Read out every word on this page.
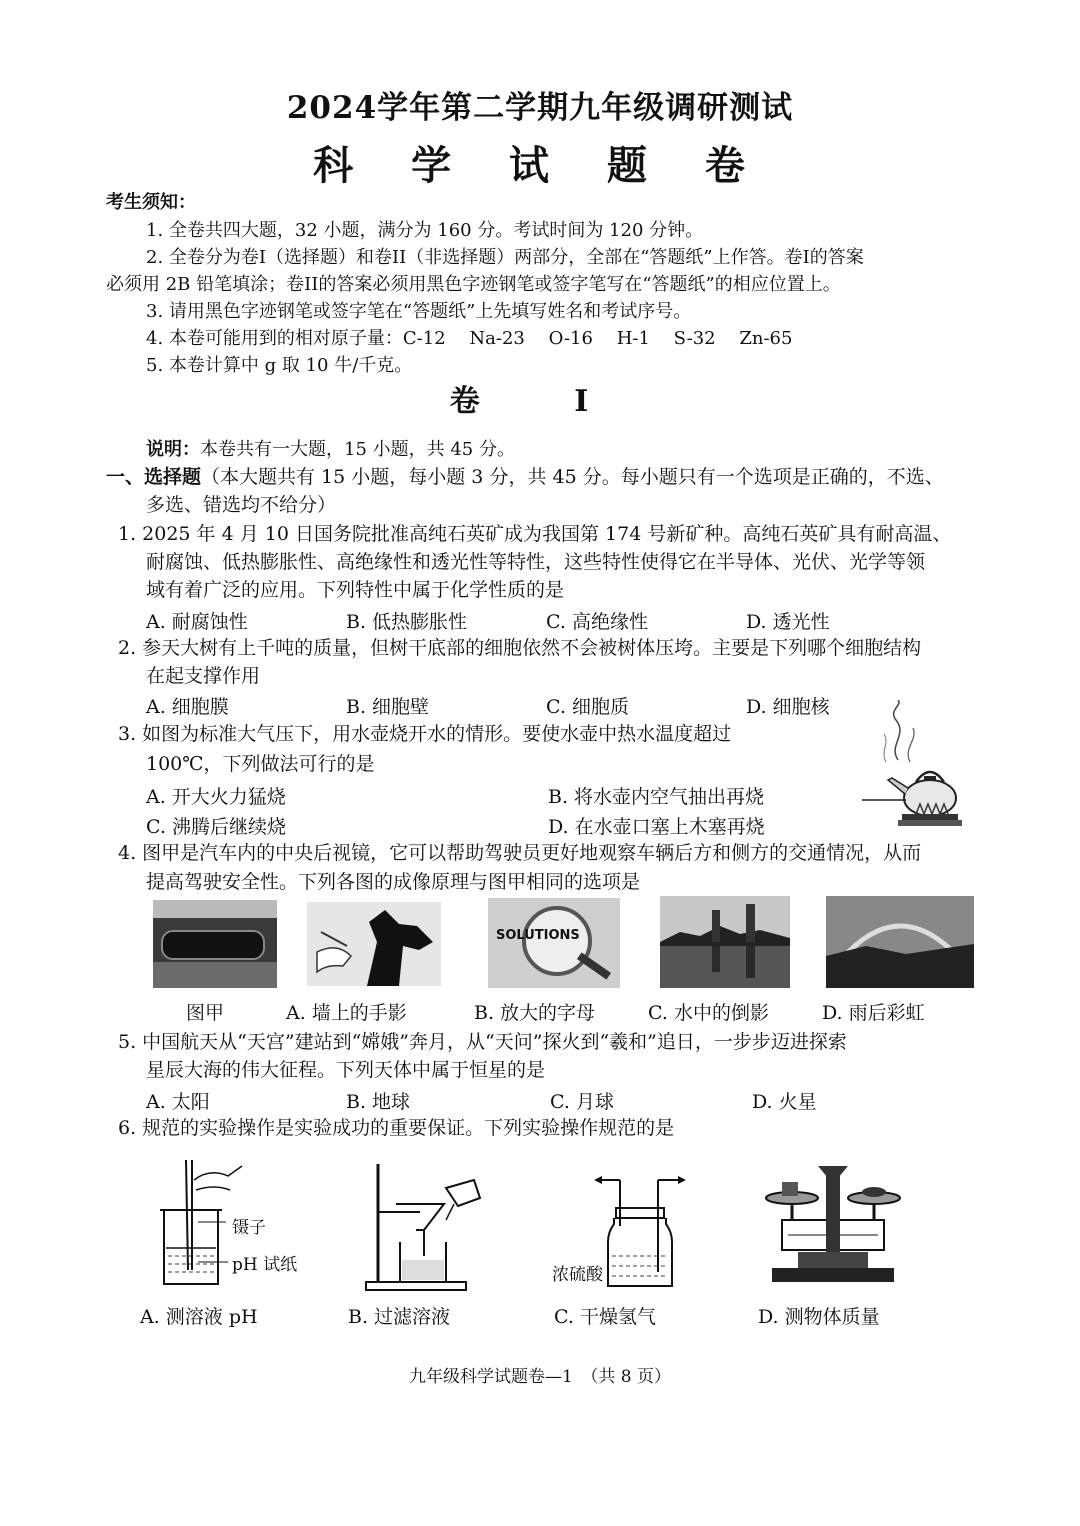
2024学年第二学期九年级调研测试
科 学 试 题 卷
考生须知：
1. 全卷共四大题，32 小题，满分为 160 分。考试时间为 120 分钟。
2. 全卷分为卷I（选择题）和卷II（非选择题）两部分，全部在“答题纸”上作答。卷I的答案
必须用 2B 铅笔填涂；卷II的答案必须用黑色字迹钢笔或签字笔写在“答题纸”的相应位置上。
3. 请用黑色字迹钢笔或签字笔在“答题纸”上先填写姓名和考试序号。
4. 本卷可能用到的相对原子量：C-12　 Na-23　 O-16　 H-1　 S-32　 Zn-65
5. 本卷计算中 g 取 10 牛/千克。
卷 I
说明：本卷共有一大题，15 小题，共 45 分。
一、选择题（本大题共有 15 小题，每小题 3 分，共 45 分。每小题只有一个选项是正确的，不选、
多选、错选均不给分）
1. 2025 年 4 月 10 日国务院批准高纯石英矿成为我国第 174 号新矿种。高纯石英矿具有耐高温、
耐腐蚀、低热膨胀性、高绝缘性和透光性等特性，这些特性使得它在半导体、光伏、光学等领
域有着广泛的应用。下列特性中属于化学性质的是
A. 耐腐蚀性	B. 低热膨胀性	C. 高绝缘性	D. 透光性
2. 参天大树有上千吨的质量，但树干底部的细胞依然不会被树体压垮。主要是下列哪个细胞结构
在起支撑作用
A. 细胞膜	B. 细胞壁	C. 细胞质	D. 细胞核
3. 如图为标准大气压下，用水壶烧开水的情形。要使水壶中热水温度超过
100℃，下列做法可行的是
A. 开大火力猛烧	B. 将水壶内空气抽出再烧
C. 沸腾后继续烧	D. 在水壶口塞上木塞再烧
4. 图甲是汽车内的中央后视镜，它可以帮助驾驶员更好地观察车辆后方和侧方的交通情况，从而
提高驾驶安全性。下列各图的成像原理与图甲相同的选项是
SOLUTIONS
图甲	A. 墙上的手影	B. 放大的字母	C. 水中的倒影	D. 雨后彩虹
5. 中国航天从“天宫”建站到“嫦娥”奔月，从“天问”探火到“羲和”追日，一步步迈进探索
星辰大海的伟大征程。下列天体中属于恒星的是
A. 太阳	B. 地球	C. 月球	D. 火星
6. 规范的实验操作是实验成功的重要保证。下列实验操作规范的是
镊子
pH 试纸	浓硫酸
A. 测溶液 pH	B. 过滤溶液	C. 干燥氢气	D. 测物体质量
九年级科学试题卷—1　（共 8 页）
